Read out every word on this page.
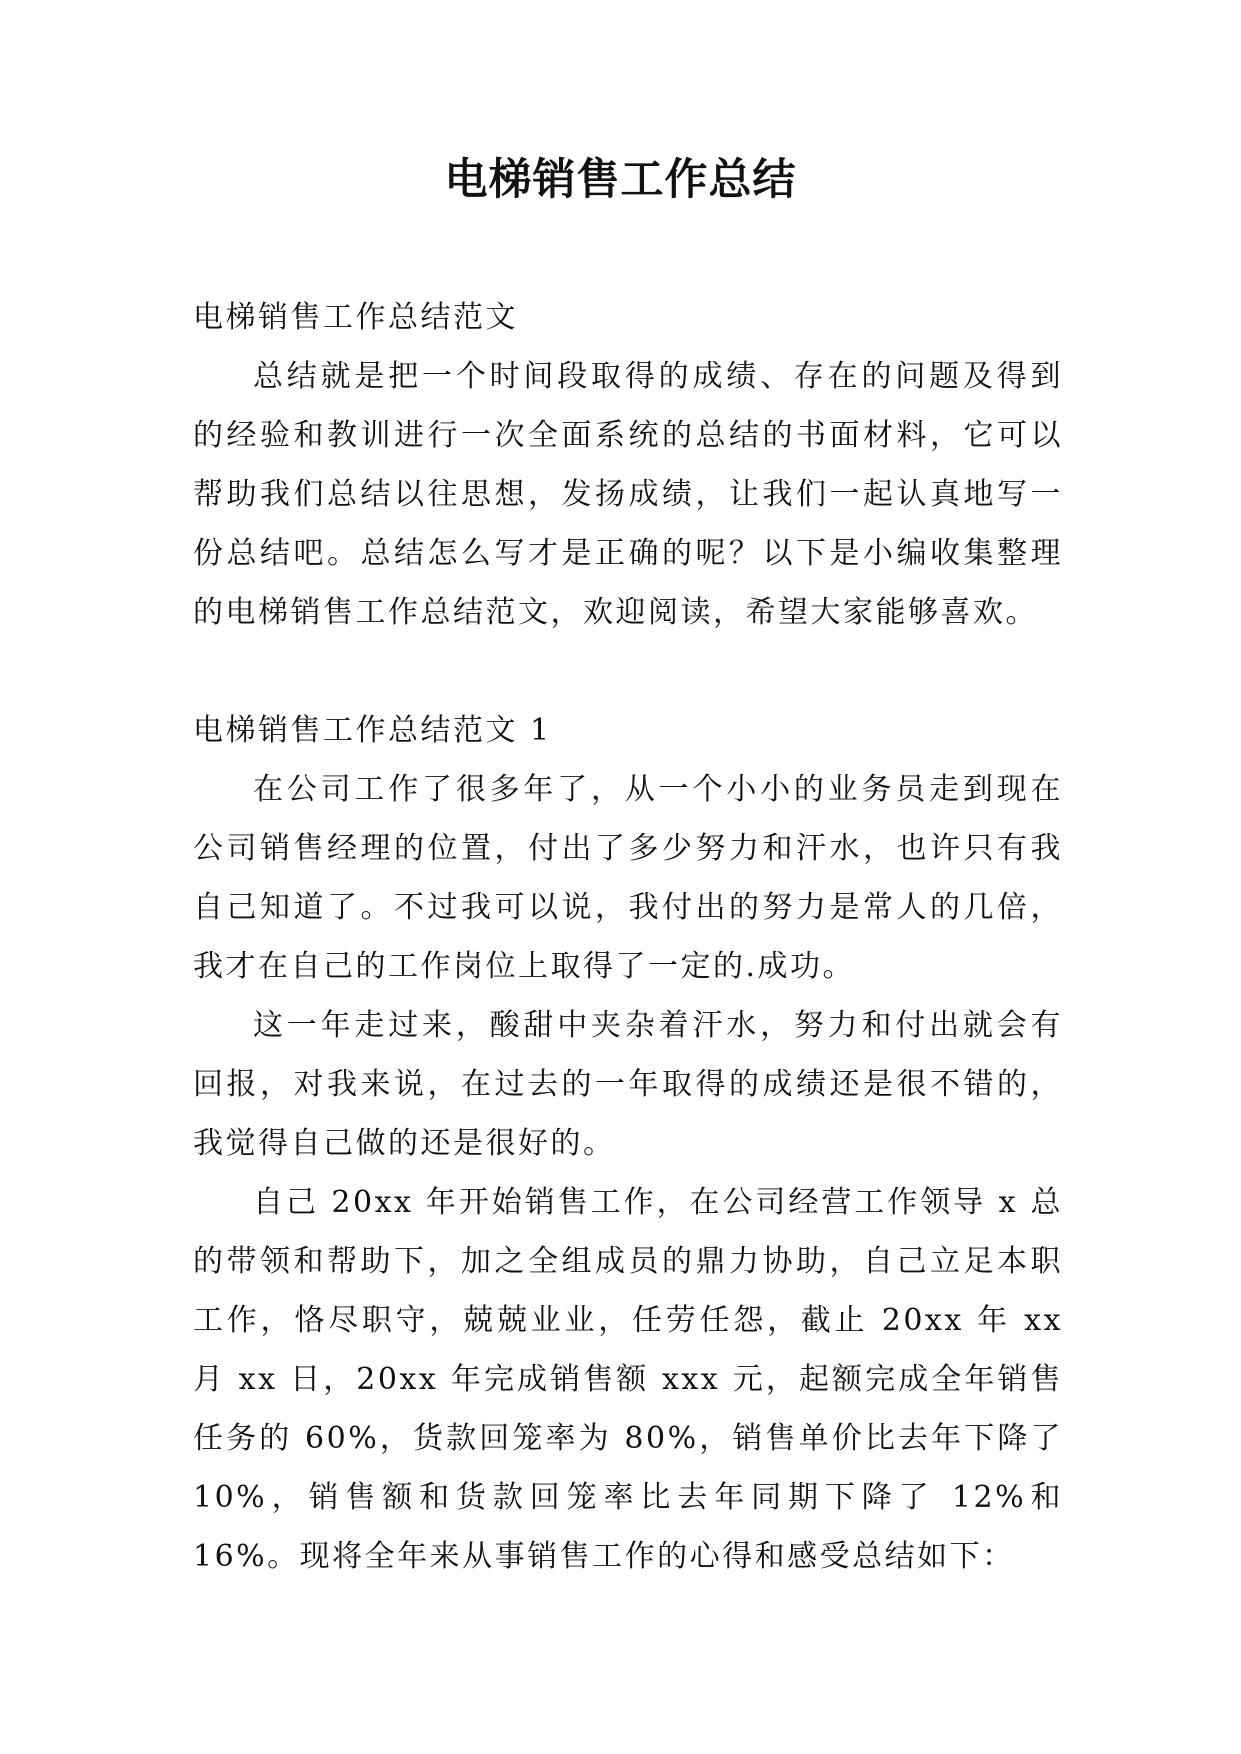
电梯销售工作总结

电梯销售工作总结范文

总结就是把一个时间段取得的成绩、存在的问题及得到的经验和教训进行一次全面系统的总结的书面材料，它可以帮助我们总结以往思想，发扬成绩，让我们一起认真地写一份总结吧。总结怎么写才是正确的呢？以下是小编收集整理的电梯销售工作总结范文，欢迎阅读，希望大家能够喜欢。

电梯销售工作总结范文 1

在公司工作了很多年了，从一个小小的业务员走到现在公司销售经理的位置，付出了多少努力和汗水，也许只有我自己知道了。不过我可以说，我付出的努力是常人的几倍，我才在自己的工作岗位上取得了一定的.成功。

这一年走过来，酸甜中夹杂着汗水，努力和付出就会有回报，对我来说，在过去的一年取得的成绩还是很不错的，我觉得自己做的还是很好的。

自己 20xx 年开始销售工作，在公司经营工作领导 x 总的带领和帮助下，加之全组成员的鼎力协助，自己立足本职工作，恪尽职守，兢兢业业，任劳任怨，截止 20xx 年 xx 月 xx 日，20xx 年完成销售额 xxx 元，起额完成全年销售任务的 60%，货款回笼率为 80%，销售单价比去年下降了 10%，销售额和货款回笼率比去年同期下降了 12%和 16%。现将全年来从事销售工作的心得和感受总结如下：
